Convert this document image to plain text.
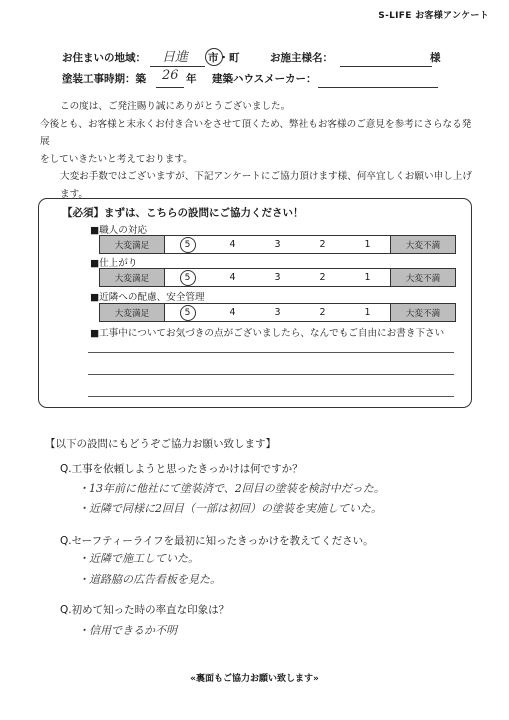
S-LIFE お客様アンケート
お住まいの地域： 日進 市・町	お施主様名：	様
塗装工事時期：築 26 年 建築ハウスメーカー：

この度は、ご発注賜り誠にありがとうございました。

今後とも、お客様と末永くお付き合いをさせて頂くため、弊社もお客様のご意見を参考にさらなる発展

をしていきたいと考えております。

大変お手数ではございますが、下記アンケートにご協力頂けます様、何卒宜しくお願い申し上げます。

【必須】まずは、こちらの設問にご協力ください！
■職人の対応
大変満足	5	4	3	2	1	大変不満
■仕上がり
大変満足	5	4	3	2	1	大変不満
■近隣への配慮、安全管理
大変満足	5	4	3	2	1	大変不満
■工事中についてお気づきの点がございましたら、なんでもご自由にお書き下さい
【以下の設問にもどうぞご協力お願い致します】
Q.工事を依頼しようと思ったきっかけは何ですか？
・13年前に他社にて塗装済で、2回目の塗装を検討中だった。
・近隣で同様に2回目（一部は初回）の塗装を実施していた。
Q.セーフティーライフを最初に知ったきっかけを教えてください。
・近隣で施工していた。
・道路脇の広告看板を見た。
Q.初めて知った時の率直な印象は？
・信用できるか不明
«裏面もご協力お願い致します»
